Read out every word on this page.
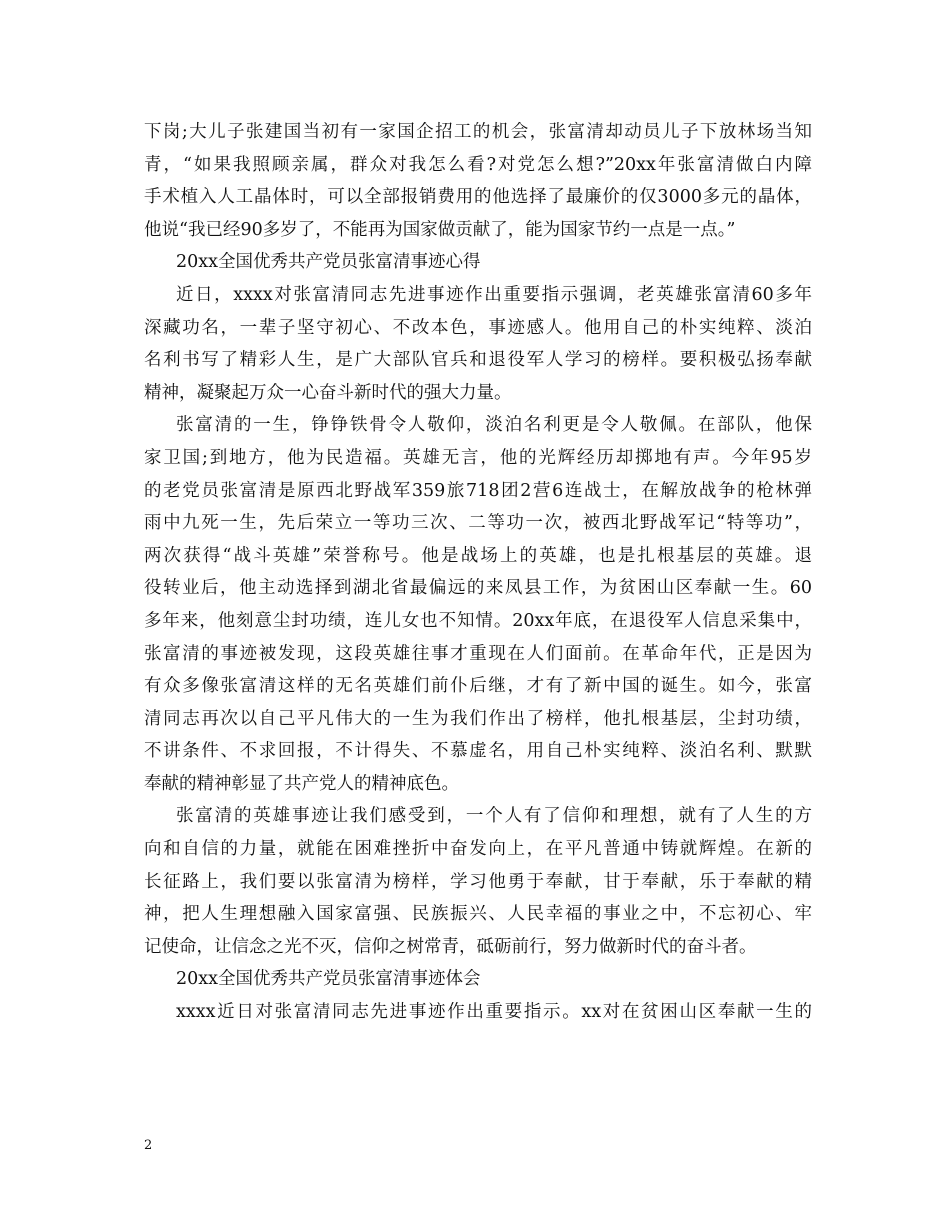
下岗;大儿子张建国当初有一家国企招工的机会，张富清却动员儿子下放林场当知
青，“如果我照顾亲属，群众对我怎么看?对党怎么想?”20xx年张富清做白内障
手术植入人工晶体时，可以全部报销费用的他选择了最廉价的仅3000多元的晶体，
他说“我已经90多岁了，不能再为国家做贡献了，能为国家节约一点是一点。”
20xx全国优秀共产党员张富清事迹心得
近日，xxxx对张富清同志先进事迹作出重要指示强调，老英雄张富清60多年
深藏功名，一辈子坚守初心、不改本色，事迹感人。他用自己的朴实纯粹、淡泊
名利书写了精彩人生，是广大部队官兵和退役军人学习的榜样。要积极弘扬奉献
精神，凝聚起万众一心奋斗新时代的强大力量。
张富清的一生，铮铮铁骨令人敬仰，淡泊名利更是令人敬佩。在部队，他保
家卫国;到地方，他为民造福。英雄无言，他的光辉经历却掷地有声。今年95岁
的老党员张富清是原西北野战军359旅718团2营6连战士，在解放战争的枪林弹
雨中九死一生，先后荣立一等功三次、二等功一次，被西北野战军记“特等功”，
两次获得“战斗英雄”荣誉称号。他是战场上的英雄，也是扎根基层的英雄。退
役转业后，他主动选择到湖北省最偏远的来凤县工作，为贫困山区奉献一生。60
多年来，他刻意尘封功绩，连儿女也不知情。20xx年底，在退役军人信息采集中，
张富清的事迹被发现，这段英雄往事才重现在人们面前。在革命年代，正是因为
有众多像张富清这样的无名英雄们前仆后继，才有了新中国的诞生。如今，张富
清同志再次以自己平凡伟大的一生为我们作出了榜样，他扎根基层，尘封功绩，
不讲条件、不求回报，不计得失、不慕虚名，用自己朴实纯粹、淡泊名利、默默
奉献的精神彰显了共产党人的精神底色。
张富清的英雄事迹让我们感受到，一个人有了信仰和理想，就有了人生的方
向和自信的力量，就能在困难挫折中奋发向上，在平凡普通中铸就辉煌。在新的
长征路上，我们要以张富清为榜样，学习他勇于奉献，甘于奉献，乐于奉献的精
神，把人生理想融入国家富强、民族振兴、人民幸福的事业之中，不忘初心、牢
记使命，让信念之光不灭，信仰之树常青，砥砺前行，努力做新时代的奋斗者。
20xx全国优秀共产党员张富清事迹体会
xxxx近日对张富清同志先进事迹作出重要指示。xx对在贫困山区奉献一生的
2
